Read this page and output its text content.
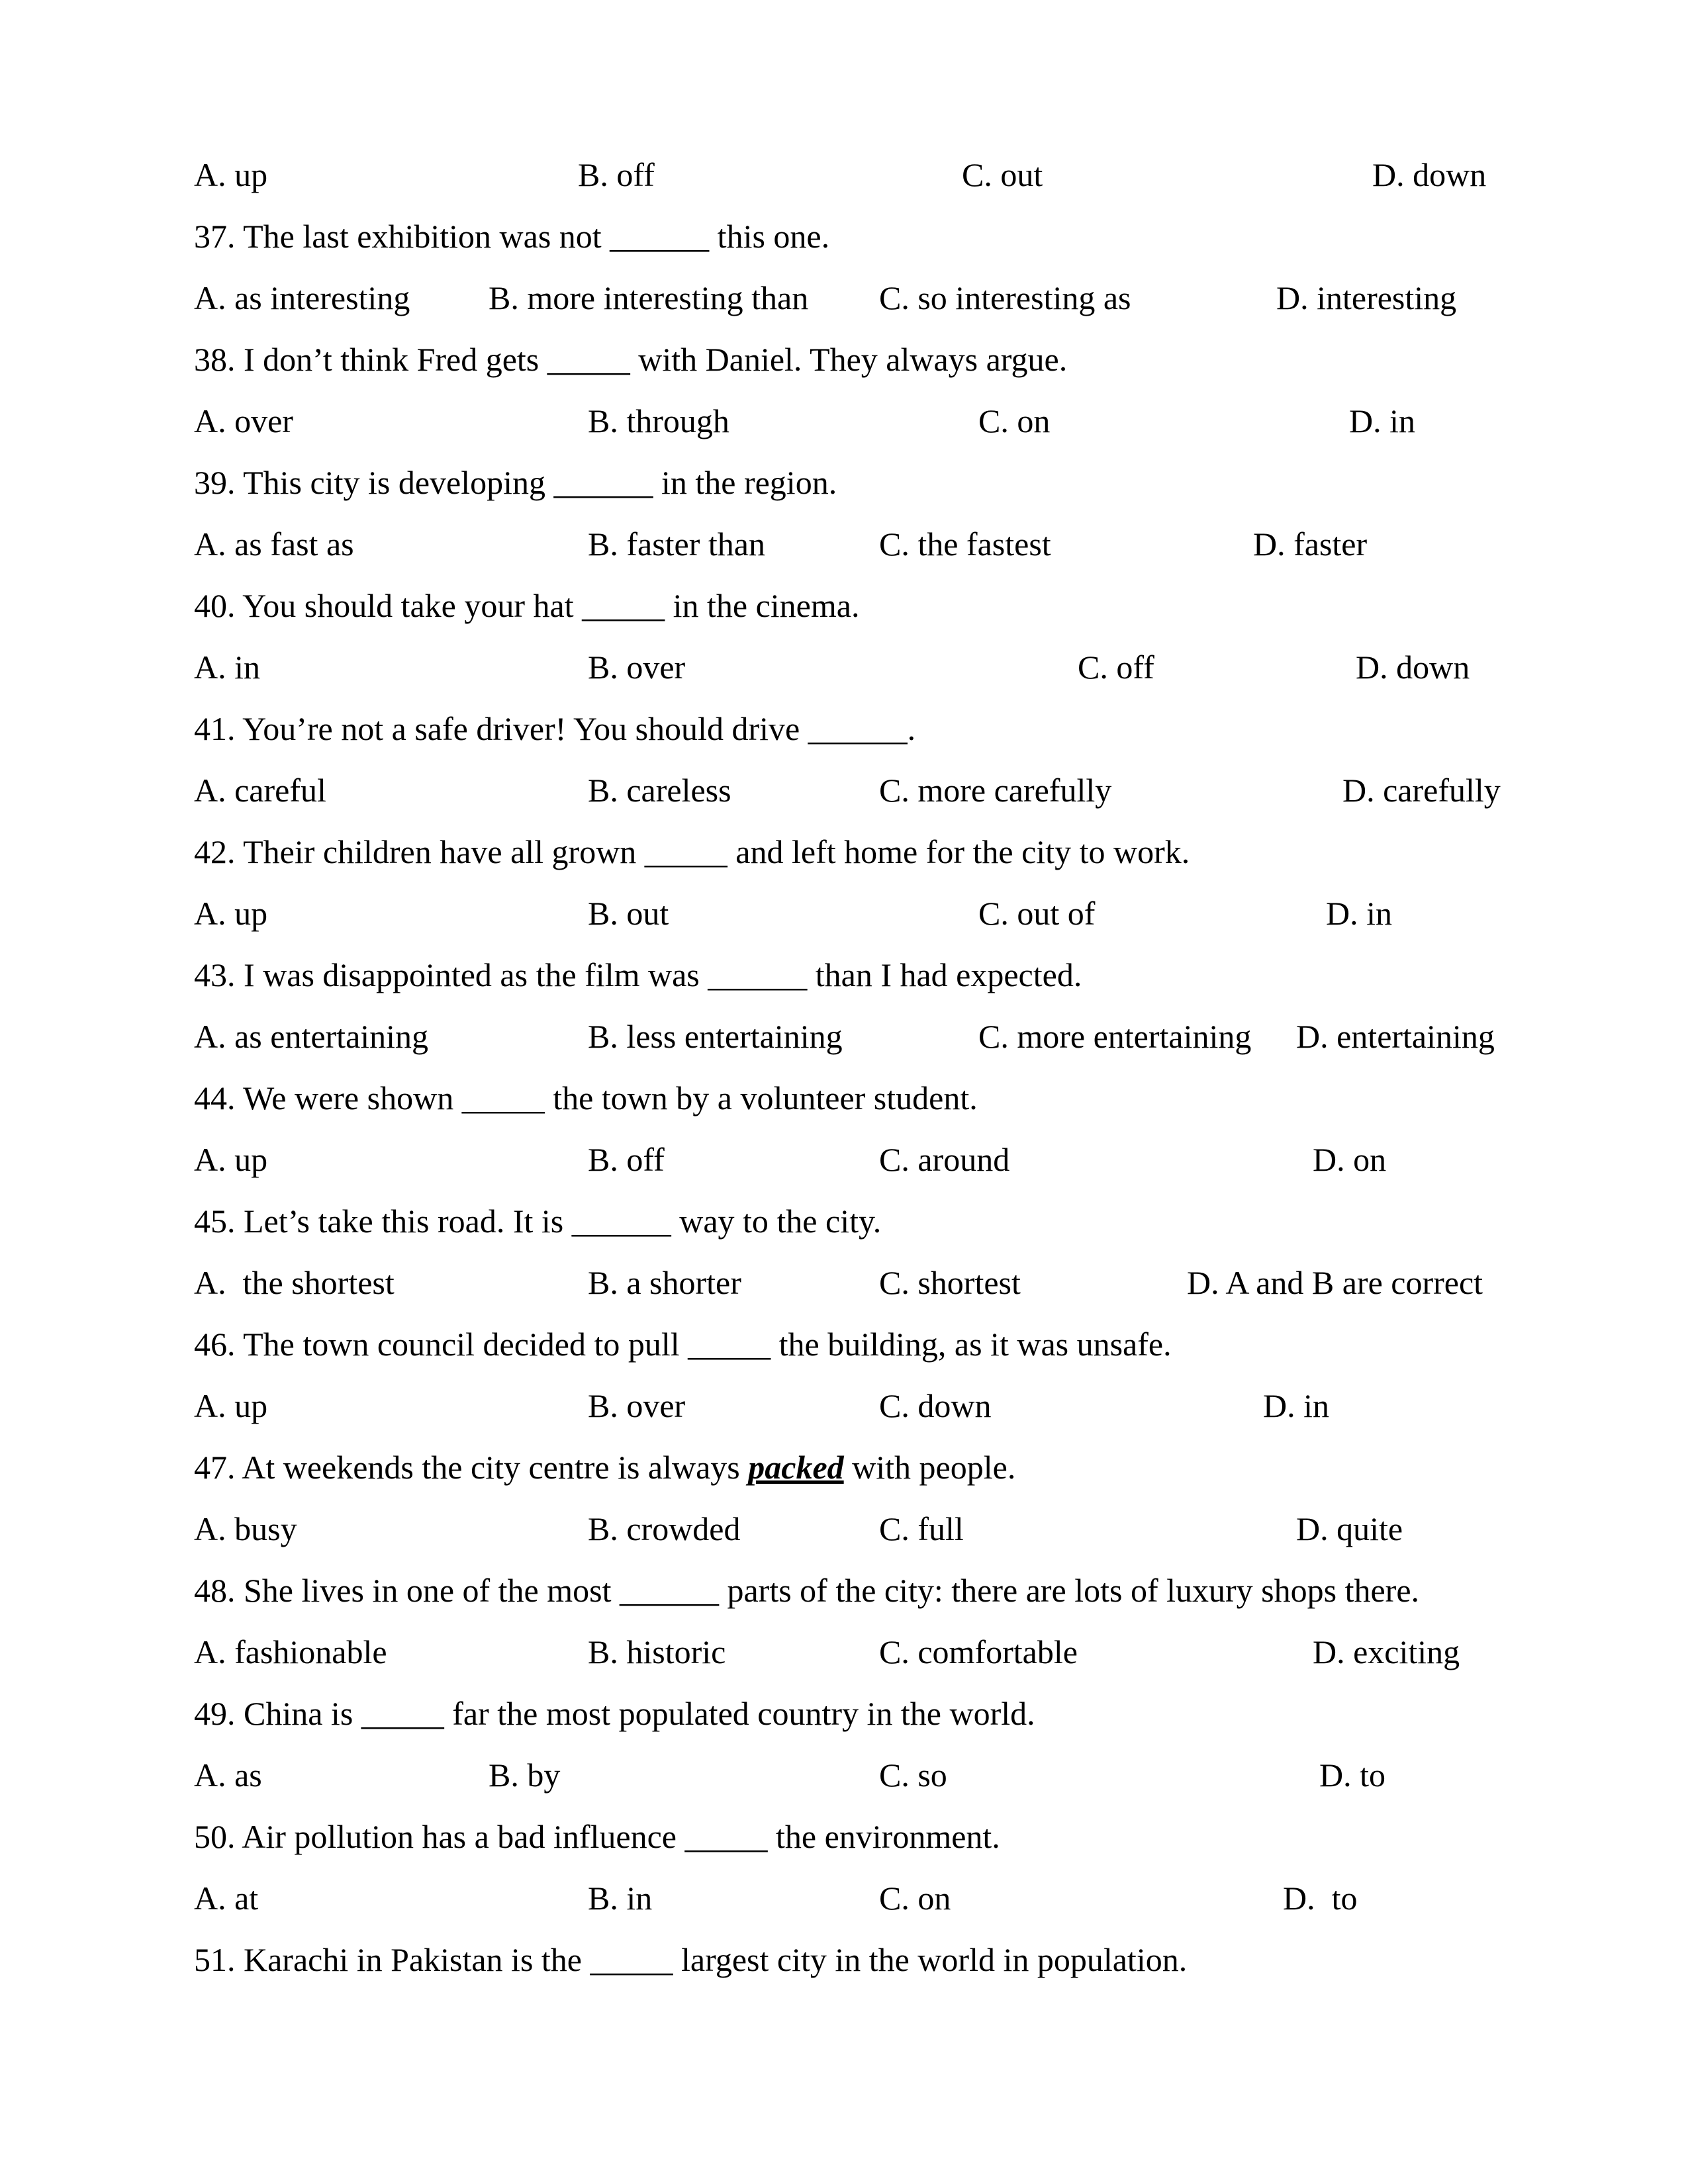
A. up

	B. off

	C. out

	D. down

37. The last exhibition was not ______ this one.

A. as interesting

B. more interesting than

C. so interesting as

	D. interesting

38. I don’t think Fred gets _____ with Daniel. They always argue.

A. over

	B. through

	C. on

	D. in

39. This city is developing ______ in the region.

A. as fast as

	B. faster than

	C. the fastest

	D. faster

40. You should take your hat _____ in the cinema.

A. in

	B. over

	C. off

	D. down

41. You’re not a safe driver! You should drive ______.

A. careful

	B. careless

	C. more carefully

	D. carefully

42. Their children have all grown _____ and left home for the city to work.

A. up

	B. out

	C. out of

	D. in

43. I was disappointed as the film was ______ than I had expected.

A. as entertaining

	B. less entertaining

	C. more entertaining

D. entertaining

44. We were shown _____ the town by a volunteer student.

A. up

	B. off

	C. around

	D. on

45. Let’s take this road. It is ______ way to the city.

A.  the shortest

	B. a shorter

	C. shortest

	D. A and B are correct

46. The town council decided to pull _____ the building, as it was unsafe.

A. up

	B. over

	C. down

	D. in

47. At weekends the city centre is always packed with people.

A. busy

	B. crowded

	C. full

	D. quite

48. She lives in one of the most ______ parts of the city: there are lots of luxury shops there.

A. fashionable

	B. historic

	C. comfortable

	D. exciting

49. China is _____ far the most populated country in the world.

A. as

	B. by

	C. so

	D. to

50. Air pollution has a bad influence _____ the environment.

A. at

	B. in

	C. on

	D.  to

51. Karachi in Pakistan is the _____ largest city in the world in population.
